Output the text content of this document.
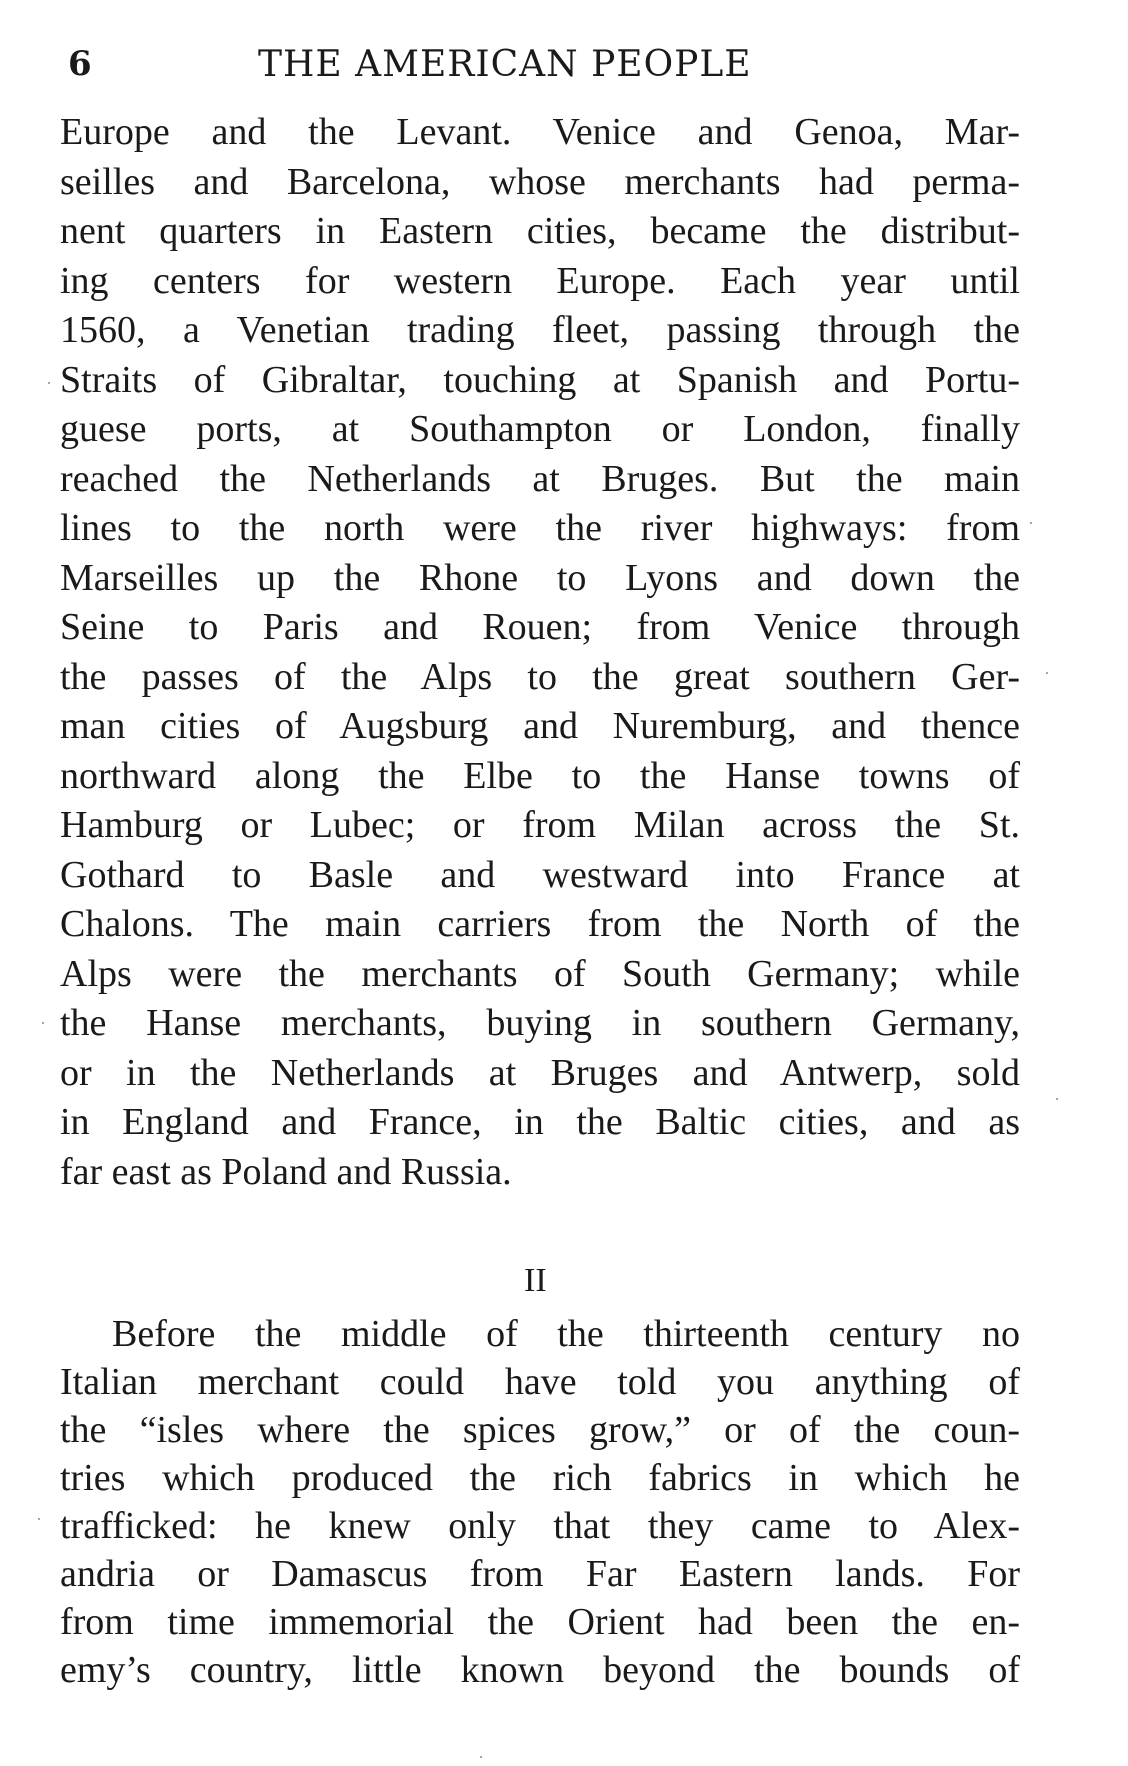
6	THE AMERICAN PEOPLE
Europe and the Levant. Venice and Genoa, Mar-
seilles and Barcelona, whose merchants had perma-
nent quarters in Eastern cities, became the distribut-
ing centers for western Europe. Each year until
1560, a Venetian trading fleet, passing through the
Straits of Gibraltar, touching at Spanish and Portu-
guese ports, at Southampton or London, finally
reached the Netherlands at Bruges. But the main
lines to the north were the river highways: from
Marseilles up the Rhone to Lyons and down the
Seine to Paris and Rouen; from Venice through
the passes of the Alps to the great southern Ger-
man cities of Augsburg and Nuremburg, and thence
northward along the Elbe to the Hanse towns of
Hamburg or Lubec; or from Milan across the St.
Gothard to Basle and westward into France at
Chalons. The main carriers from the North of the
Alps were the merchants of South Germany; while
the Hanse merchants, buying in southern Germany,
or in the Netherlands at Bruges and Antwerp, sold
in England and France, in the Baltic cities, and as
far east as Poland and Russia.
II
Before the middle of the thirteenth century no
Italian merchant could have told you anything of
the “isles where the spices grow,” or of the coun-
tries which produced the rich fabrics in which he
trafficked: he knew only that they came to Alex-
andria or Damascus from Far Eastern lands. For
from time immemorial the Orient had been the en-
emy’s country, little known beyond the bounds of
